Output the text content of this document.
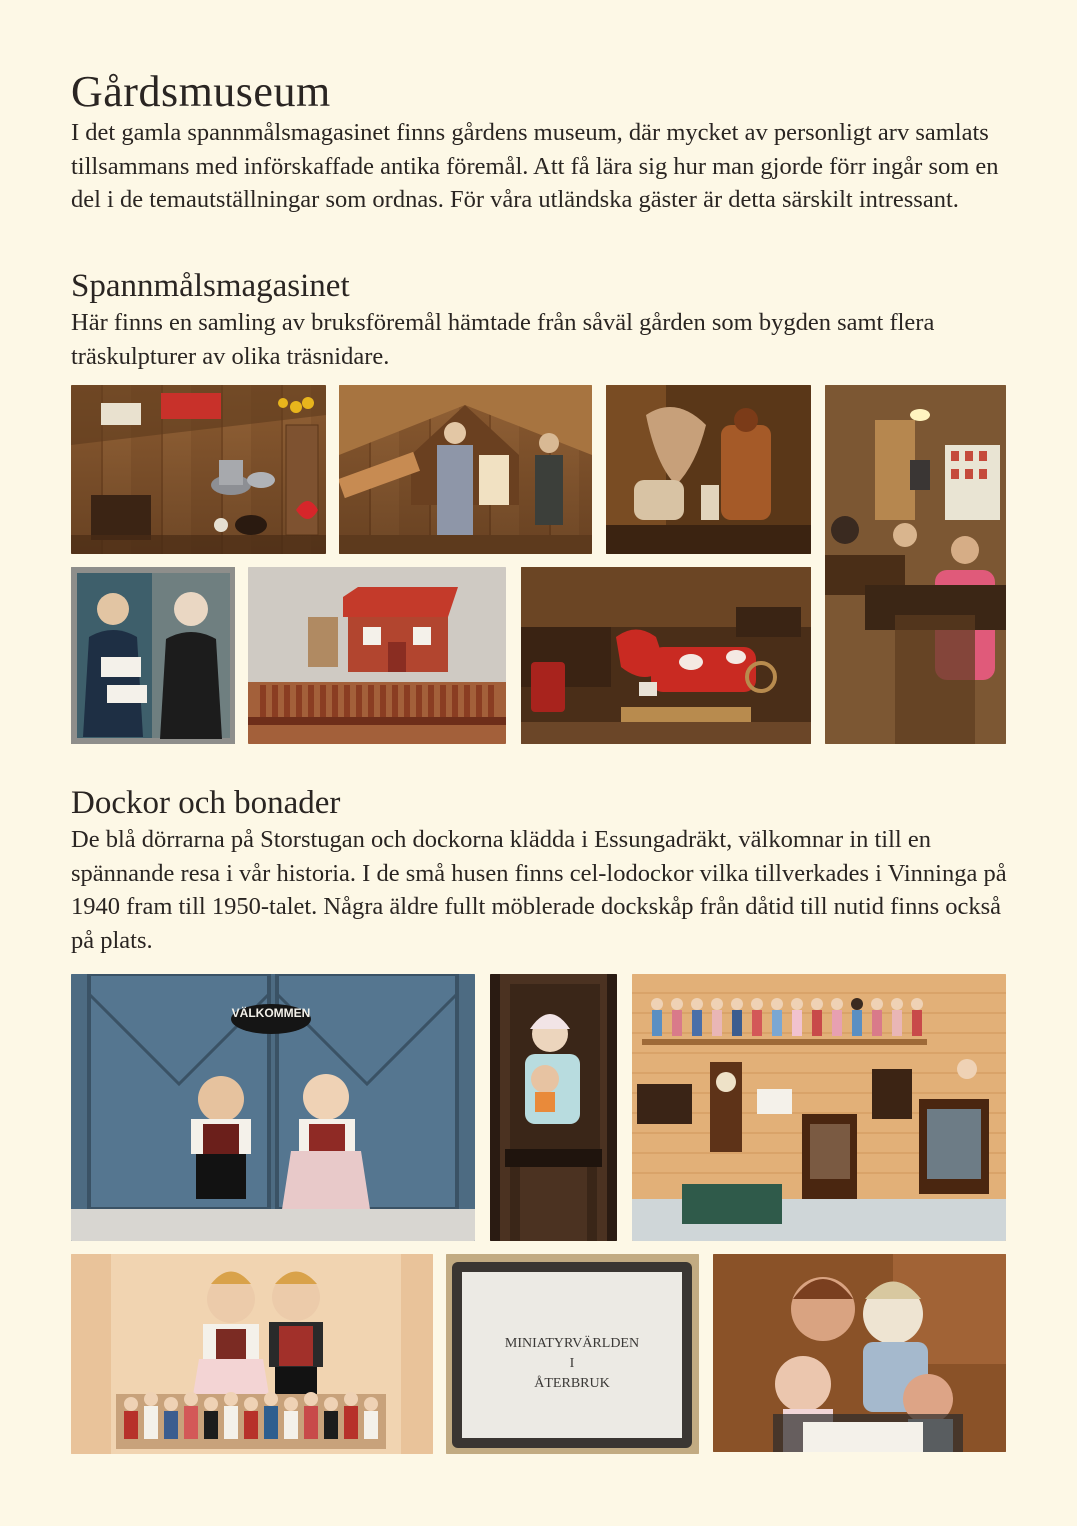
Gårdsmuseum

I det gamla spannmålsmagasinet finns gårdens museum, där mycket av personligt arv samlats tillsammans med införskaffade antika föremål. Att få lära sig hur man gjorde förr ingår som en del i de temautställningar som ordnas. För våra utländska gäster är detta särskilt intressant.

Spannmålsmagasinet

Här finns en samling av bruksföremål hämtade från såväl gården som bygden samt flera träskulpturer av olika träsnidare.

Dockor och bonader

De blå dörrarna på Storstugan och dockorna klädda i Essungadräkt, välkomnar in till en spännande resa i vår historia. I de små husen finns cel-lodockor vilka tillverkades i Vinninga på 1940 fram till 1950-talet. Några äldre fullt möblerade dockskåp från dåtid till nutid finns också på plats.

VÄLKOMMEN
MINIATYRVÄRLDEN
I
ÅTERBRUK
